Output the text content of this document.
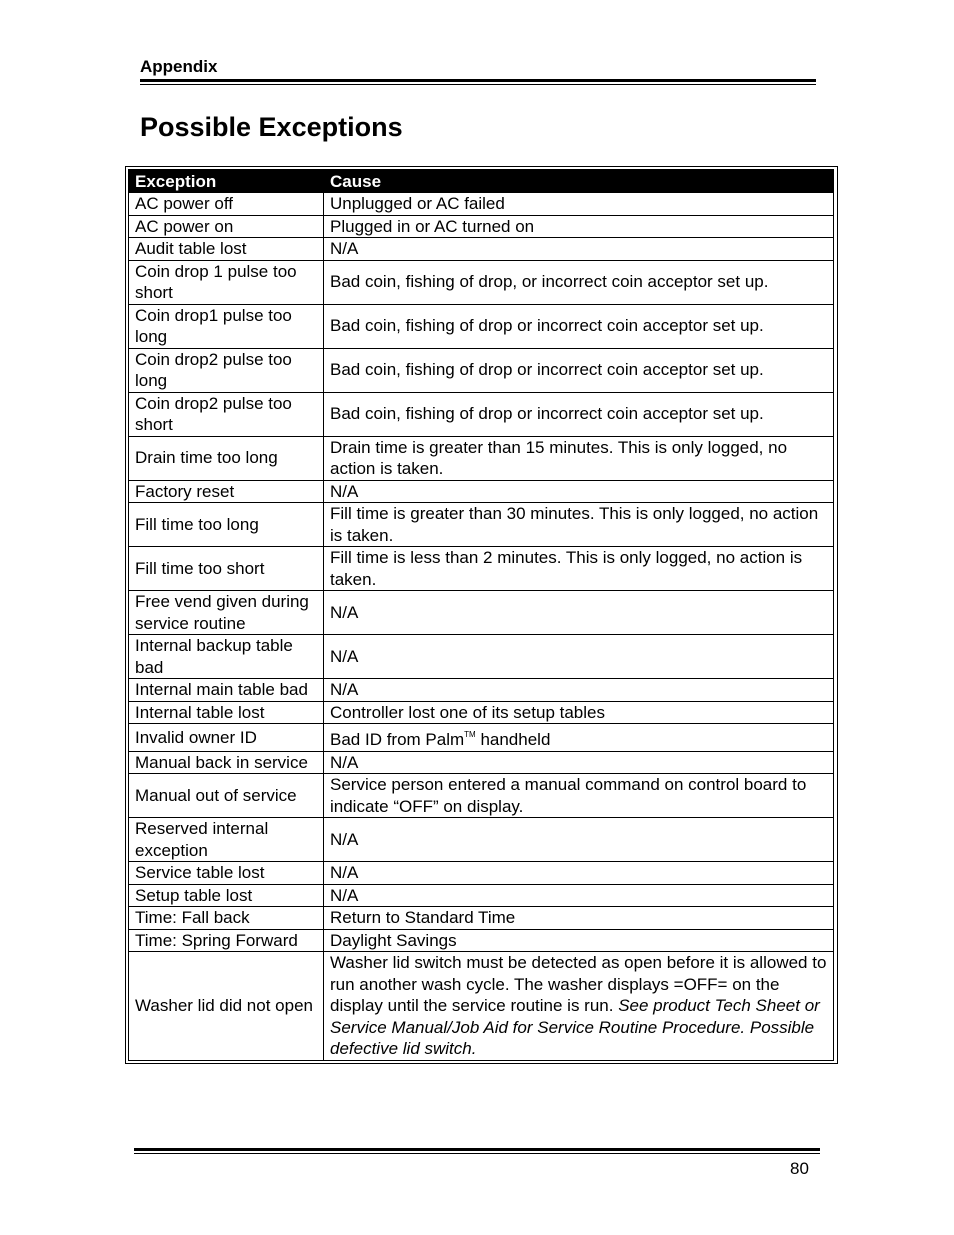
Appendix
Possible Exceptions
Exception	Cause
AC power off	Unplugged or AC failed
AC power on	Plugged in or AC turned on
Audit table lost	N/A
Coin drop 1 pulse too short	Bad coin, fishing of drop, or incorrect coin acceptor set up.
Coin drop1 pulse too long	Bad coin, fishing of drop or incorrect coin acceptor set up.
Coin drop2 pulse too long	Bad coin, fishing of drop or incorrect coin acceptor set up.
Coin drop2 pulse too short	Bad coin, fishing of drop or incorrect coin acceptor set up.
Drain time too long	Drain time is greater than 15 minutes. This is only logged, no action is taken.
Factory reset	N/A
Fill time too long	Fill time is greater than 30 minutes. This is only logged, no action is taken.
Fill time too short	Fill time is less than 2 minutes. This is only logged, no action is taken.
Free vend given during service routine	N/A
Internal backup table bad	N/A
Internal main table bad	N/A
Internal table lost	Controller lost one of its setup tables
Invalid owner ID	Bad ID from Palm™ handheld
Manual back in service	N/A
Manual out of service	Service person entered a manual command on control board to indicate “OFF” on display.
Reserved internal exception	N/A
Service table lost	N/A
Setup table lost	N/A
Time: Fall back	Return to Standard Time
Time: Spring Forward	Daylight Savings
Washer lid did not open	Washer lid switch must be detected as open before it is allowed to run another wash cycle. The washer displays =OFF= on the display until the service routine is run. See product Tech Sheet or Service Manual/Job Aid for Service Routine Procedure. Possible defective lid switch.
80
